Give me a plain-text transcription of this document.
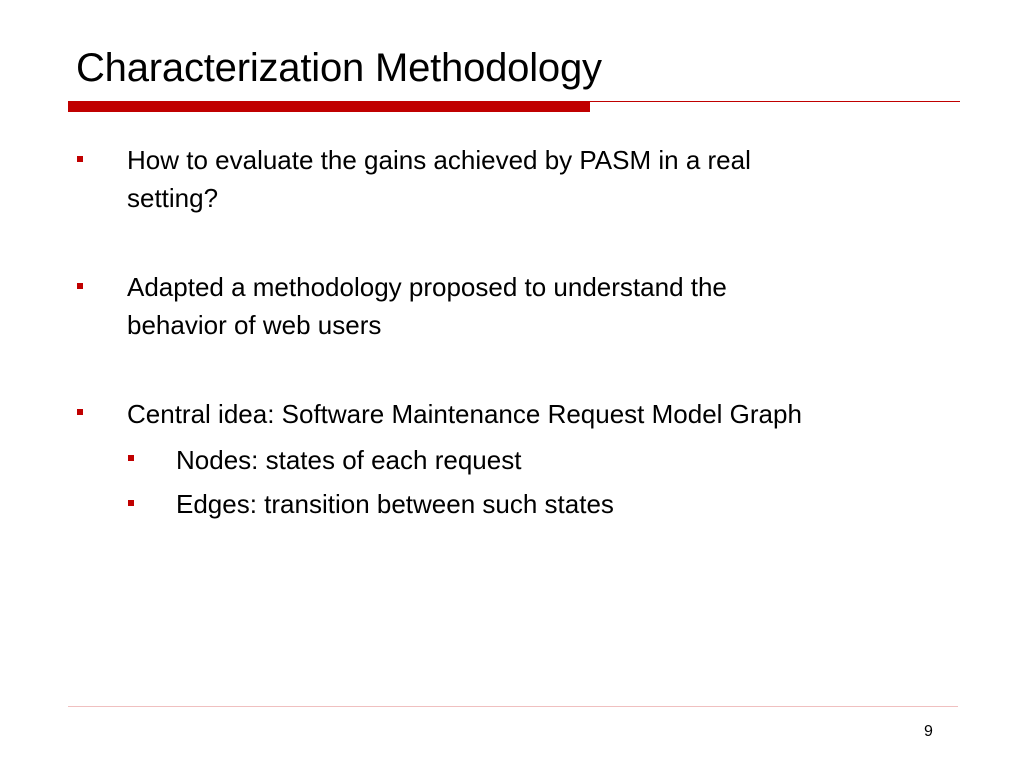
Characterization Methodology
How to evaluate the gains achieved by PASM in a real
setting?
Adapted a methodology proposed to understand the
behavior of web users
Central idea: Software Maintenance Request Model Graph
Nodes: states of each request
Edges: transition between such states
9
